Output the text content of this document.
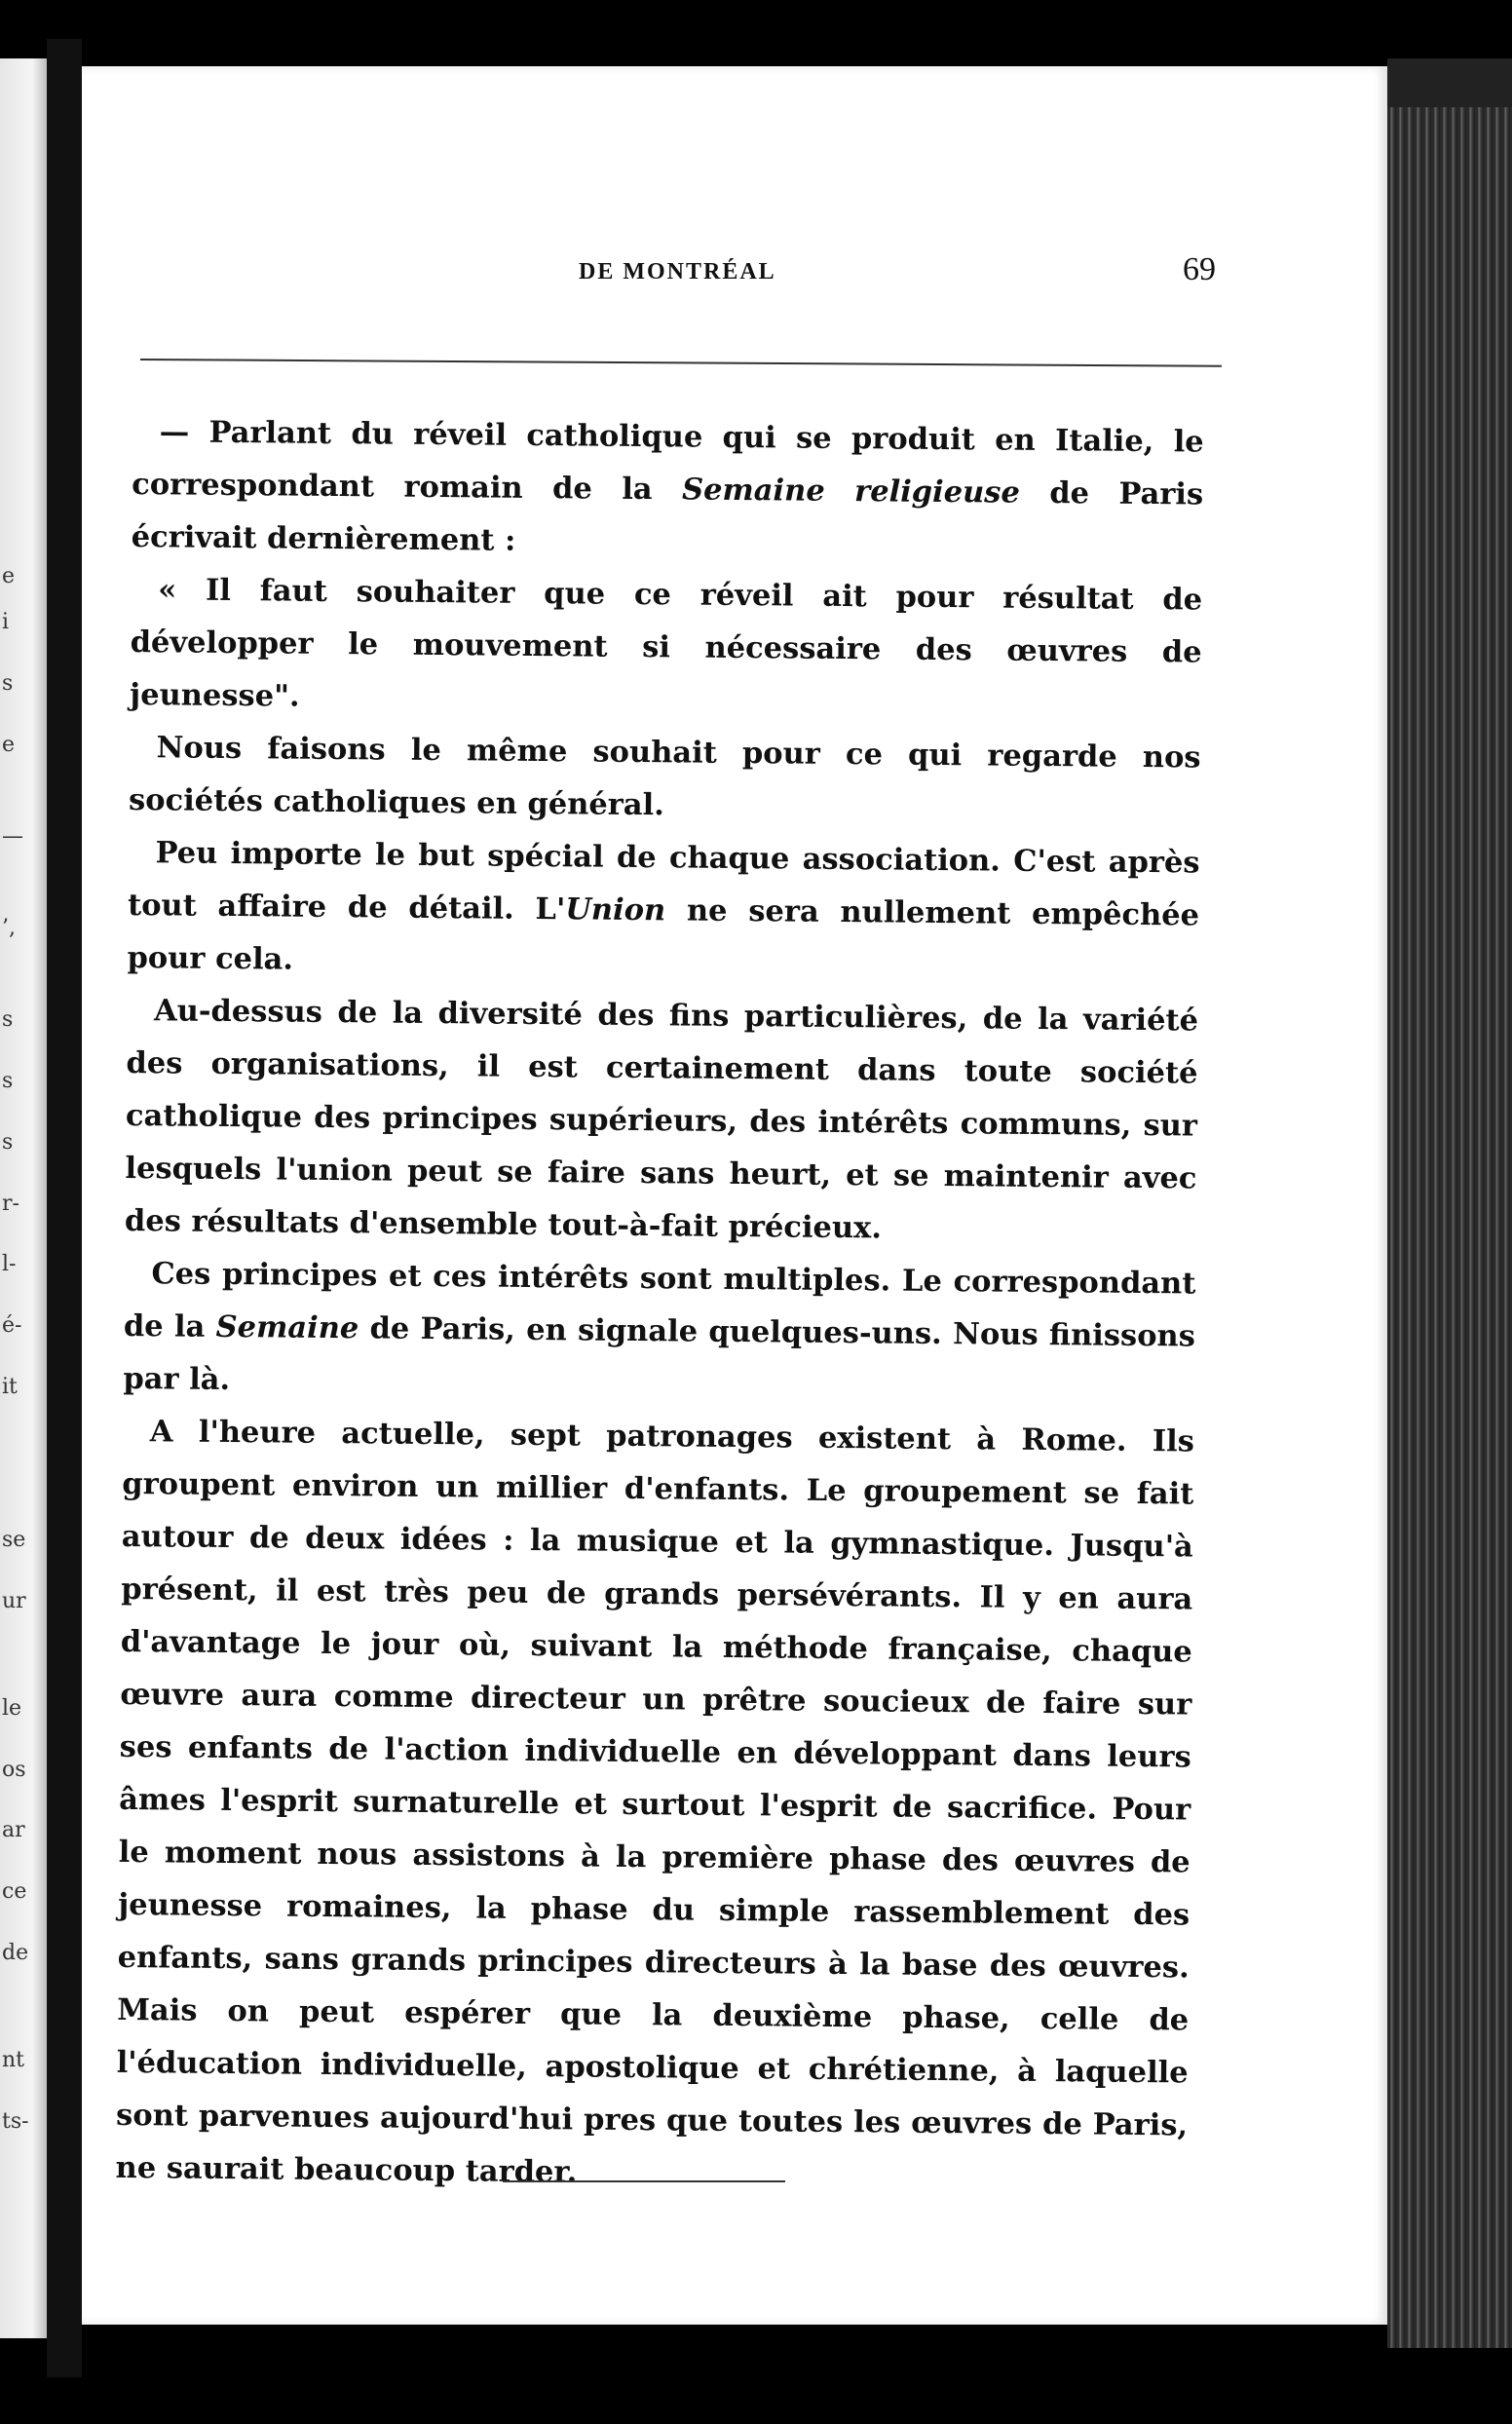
e
i
s
e
—
’,
s
s
s
r-
l-
é-
it
se
ur
le
os
ar
ce
de
nt
ts-
DE MONTRÉAL	69

— Parlant du réveil catholique qui se produit en Italie, le correspondant romain de la Semaine religieuse de Paris écrivait dernièrement :

« Il faut souhaiter que ce réveil ait pour résultat de développer le mouvement si nécessaire des œuvres de jeunesse".

Nous faisons le même souhait pour ce qui regarde nos sociétés catholiques en général.

Peu importe le but spécial de chaque association. C'est après tout affaire de détail. L'Union ne sera nullement empêchée pour cela.

Au-dessus de la diversité des fins particulières, de la variété des organisations, il est certainement dans toute société catholique des principes supérieurs, des intérêts communs, sur lesquels l'union peut se faire sans heurt, et se maintenir avec des résultats d'ensemble tout-à-fait précieux.

Ces principes et ces intérêts sont multiples. Le correspondant de la Semaine de Paris, en signale quelques-uns. Nous finissons par là.

A l'heure actuelle, sept patronages existent à Rome. Ils groupent environ un millier d'enfants. Le groupement se fait autour de deux idées : la musique et la gymnastique. Jusqu'à présent, il est très peu de grands persévérants. Il y en aura d'avantage le jour où, suivant la méthode française, chaque œuvre aura comme directeur un prêtre soucieux de faire sur ses enfants de l'action individuelle en développant dans leurs âmes l'esprit surnaturelle et surtout l'esprit de sacrifice. Pour le moment nous assistons à la première phase des œuvres de jeunesse romaines, la phase du simple rassemblement des enfants, sans grands principes directeurs à la base des œuvres. Mais on peut espérer que la deuxième phase, celle de l'éducation individuelle, apostolique et chrétienne, à laquelle sont parvenues aujourd'hui pres que toutes les œuvres de Paris, ne saurait beaucoup tarder.
